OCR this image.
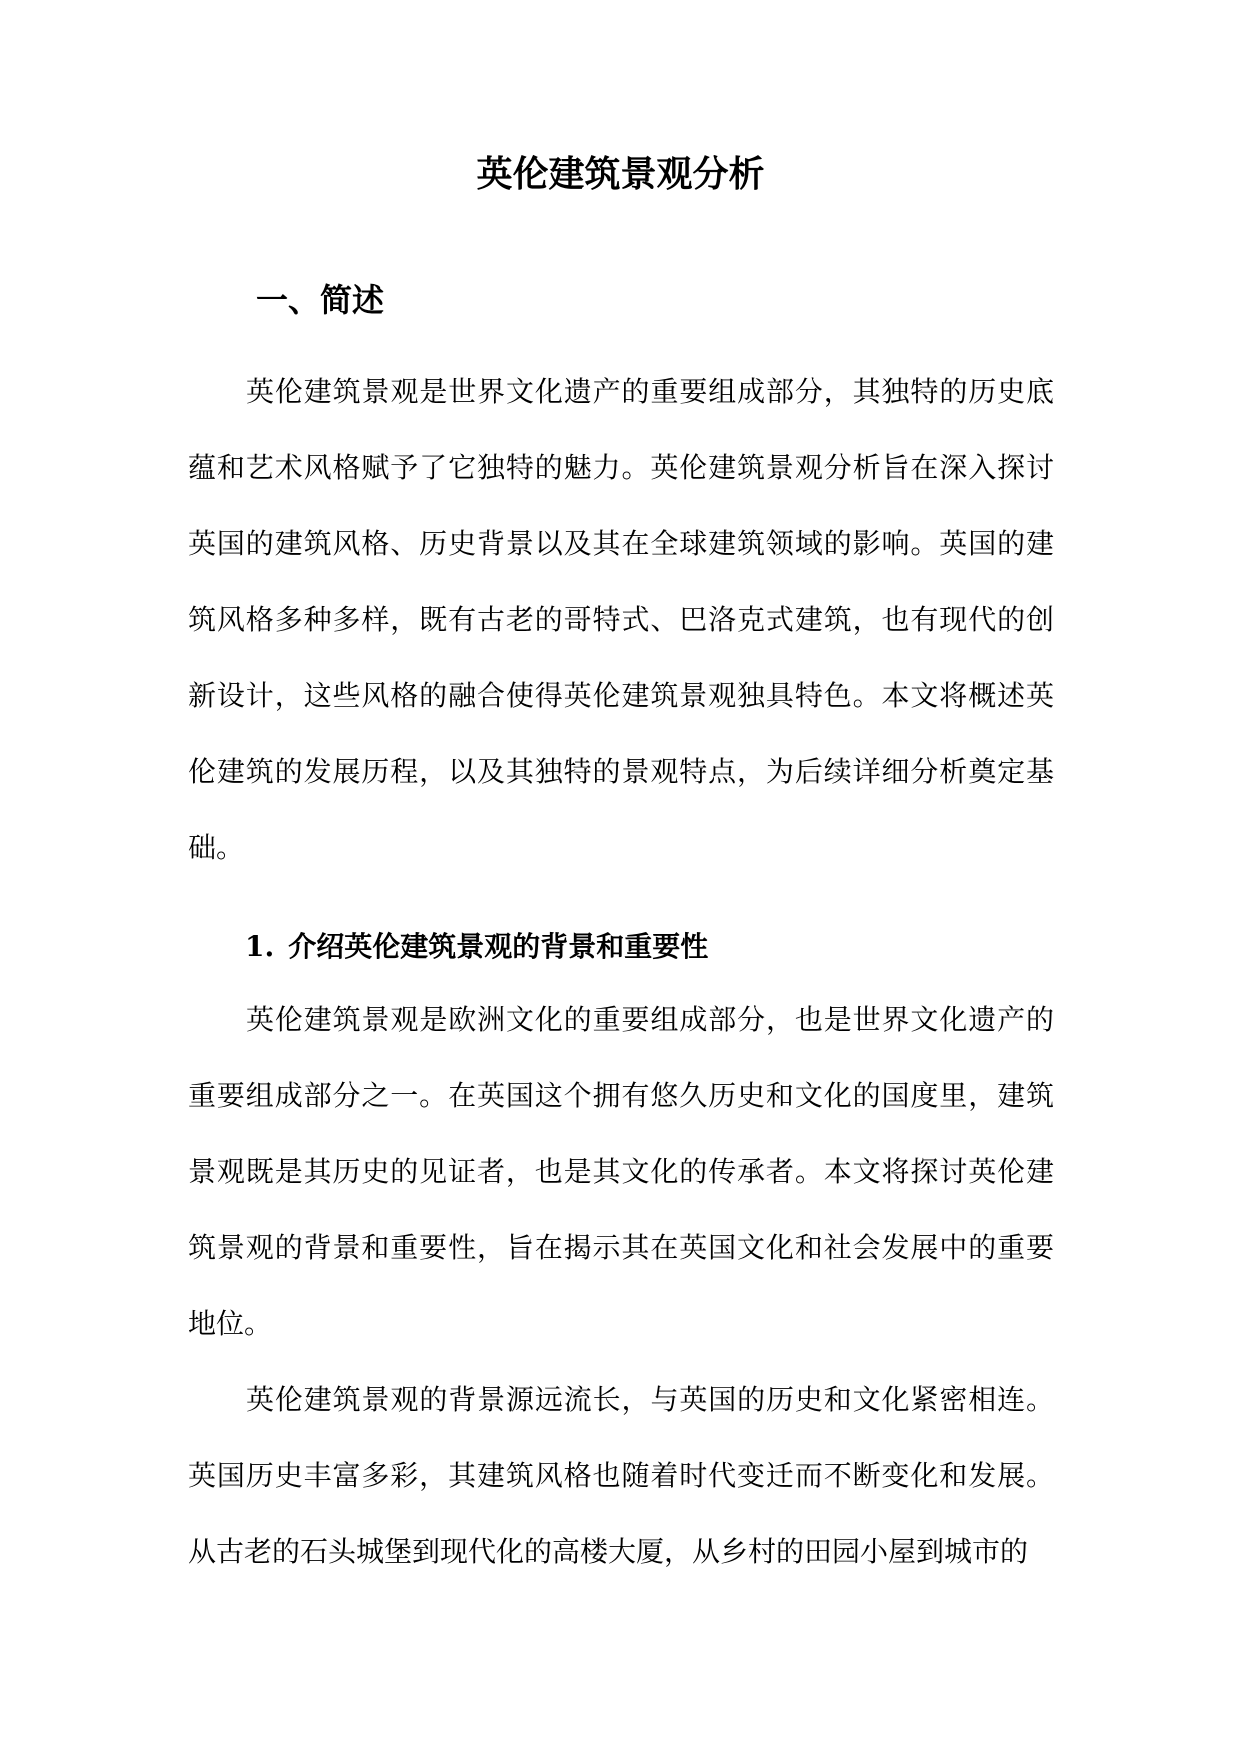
英伦建筑景观分析
一、简述

英伦建筑景观是世界文化遗产的重要组成部分，其独特的历史底蕴和艺术风格赋予了它独特的魅力。英伦建筑景观分析旨在深入探讨英国的建筑风格、历史背景以及其在全球建筑领域的影响。英国的建筑风格多种多样，既有古老的哥特式、巴洛克式建筑，也有现代的创新设计，这些风格的融合使得英伦建筑景观独具特色。本文将概述英伦建筑的发展历程，以及其独特的景观特点，为后续详细分析奠定基础。

1. 介绍英伦建筑景观的背景和重要性

英伦建筑景观是欧洲文化的重要组成部分，也是世界文化遗产的重要组成部分之一。在英国这个拥有悠久历史和文化的国度里，建筑景观既是其历史的见证者，也是其文化的传承者。本文将探讨英伦建筑景观的背景和重要性，旨在揭示其在英国文化和社会发展中的重要地位。

英伦建筑景观的背景源远流长，与英国的历史和文化紧密相连。英国历史丰富多彩，其建筑风格也随着时代变迁而不断变化和发展。从古老的石头城堡到现代化的高楼大厦，从乡村的田园小屋到城市的
